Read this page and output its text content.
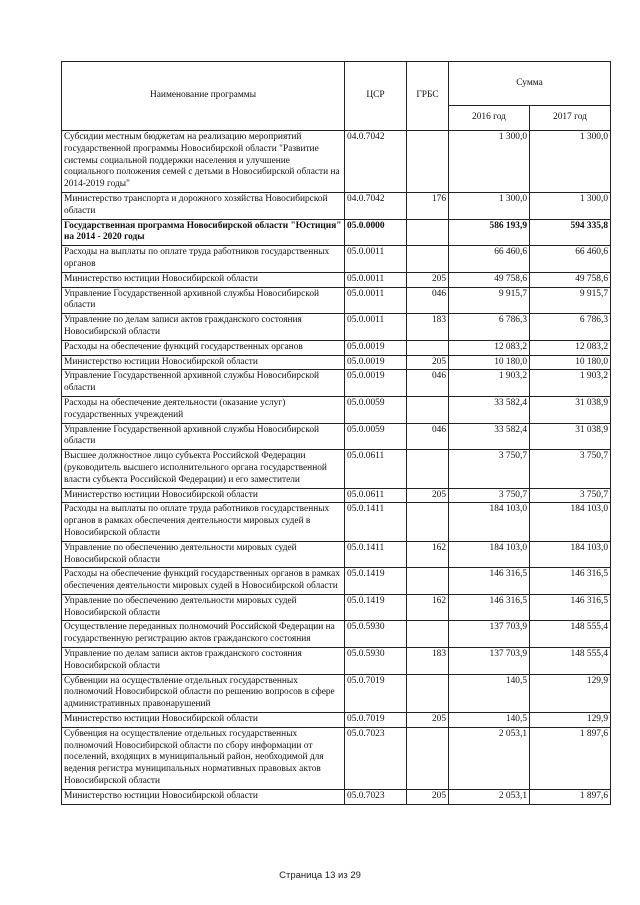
Наименование программы	ЦСР	ГРБС	Сумма	
			2016 год	2017 год
Субсидии местным бюджетам на реализацию мероприятий государственной программы Новосибирской области "Развитие системы социальной поддержки населения и улучшение социального положения семей с детьми в Новосибирской области на 2014-2019 годы"	04.0.7042		1 300,0	1 300,0
Министерство транспорта и дорожного хозяйства Новосибирской области	04.0.7042	176	1 300,0	1 300,0
Государственная программа Новосибирской области "Юстиция" на 2014 - 2020 годы	05.0.0000		586 193,9	594 335,8
Расходы на выплаты по оплате труда работников государственных органов	05.0.0011		66 460,6	66 460,6
Министерство юстиции Новосибирской области	05.0.0011	205	49 758,6	49 758,6
Управление Государственной архивной службы Новосибирской области	05.0.0011	046	9 915,7	9 915,7
Управление по делам записи актов гражданского состояния Новосибирской области	05.0.0011	183	6 786,3	6 786,3
Расходы на обеспечение функций государственных органов	05.0.0019		12 083,2	12 083,2
Министерство юстиции Новосибирской области	05.0.0019	205	10 180,0	10 180,0
Управление Государственной архивной службы Новосибирской области	05.0.0019	046	1 903,2	1 903,2
Расходы на обеспечение деятельности (оказание услуг) государственных учреждений	05.0.0059		33 582,4	31 038,9
Управление Государственной архивной службы Новосибирской области	05.0.0059	046	33 582,4	31 038,9
Высшее должностное лицо субъекта Российской Федерации (руководитель высшего исполнительного органа государственной власти субъекта Российской Федерации) и его заместители	05.0.0611		3 750,7	3 750,7
Министерство юстиции Новосибирской области	05.0.0611	205	3 750,7	3 750,7
Расходы на выплаты по оплате труда работников государственных органов в рамках обеспечения деятельности мировых судей в Новосибирской области	05.0.1411		184 103,0	184 103,0
Управление по обеспечению деятельности мировых судей Новосибирской области	05.0.1411	162	184 103,0	184 103,0
Расходы на обеспечение функций государственных органов в рамках обеспечения деятельности мировых судей в Новосибирской области	05.0.1419		146 316,5	146 316,5
Управление по обеспечению деятельности мировых судей Новосибирской области	05.0.1419	162	146 316,5	146 316,5
Осуществление переданных полномочий Российской Федерации на государственную регистрацию актов гражданского состояния	05.0.5930		137 703,9	148 555,4
Управление по делам записи актов гражданского состояния Новосибирской области	05.0.5930	183	137 703,9	148 555,4
Субвенции на осуществление отдельных государственных полномочий Новосибирской области по решению вопросов в сфере административных правонарушений	05.0.7019		140,5	129,9
Министерство юстиции Новосибирской области	05.0.7019	205	140,5	129,9
Субвенция на осуществление отдельных государственных полномочий Новосибирской области по сбору информации от поселений, входящих в муниципальный район, необходимой для ведения регистра муниципальных нормативных правовых актов Новосибирской области	05.0.7023		2 053,1	1 897,6
Министерство юстиции Новосибирской области	05.0.7023	205	2 053,1	1 897,6
Страница 13 из 29
